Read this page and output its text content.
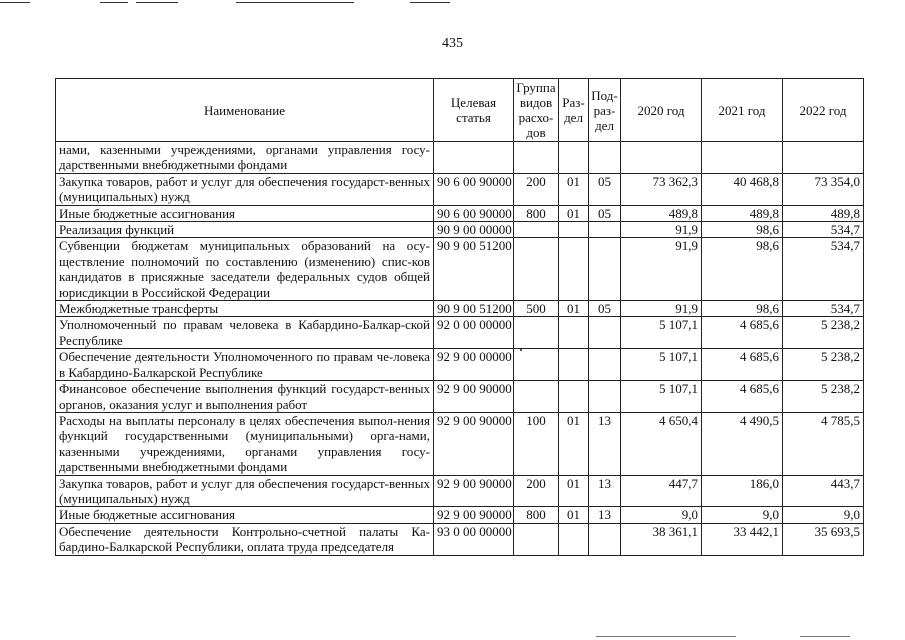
435
Наименование	Целевая статья	Группа видов расхо-дов	Раз-дел	Под-раз-дел	2020 год	2021 год	2022 год
нами, казенными учреждениями, органами управления госу-дарственными внебюджетными фондами							
Закупка товаров, работ и услуг для обеспечения государст-венных (муниципальных) нужд	90 6 00 90000	200	01	05	73 362,3	40 468,8	73 354,0
Иные бюджетные ассигнования	90 6 00 90000	800	01	05	489,8	489,8	489,8
Реализация функций	90 9 00 00000				91,9	98,6	534,7
Субвенции бюджетам муниципальных образований на осу-ществление полномочий по составлению (изменению) спис-ков кандидатов в присяжные заседатели федеральных судов общей юрисдикции в Российской Федерации	90 9 00 51200				91,9	98,6	534,7
Межбюджетные трансферты	90 9 00 51200	500	01	05	91,9	98,6	534,7
Уполномоченный по правам человека в Кабардино-Балкар-ской Республике	92 0 00 00000				5 107,1	4 685,6	5 238,2
Обеспечение деятельности Уполномоченного по правам че-ловека в Кабардино-Балкарской Республике	92 9 00 00000				5 107,1	4 685,6	5 238,2
Финансовое обеспечение выполнения функций государст-венных органов, оказания услуг и выполнения работ	92 9 00 90000				5 107,1	4 685,6	5 238,2
Расходы на выплаты персоналу в целях обеспечения выпол-нения функций государственными (муниципальными) орга-нами, казенными учреждениями, органами управления госу-дарственными внебюджетными фондами	92 9 00 90000	100	01	13	4 650,4	4 490,5	4 785,5
Закупка товаров, работ и услуг для обеспечения государст-венных (муниципальных) нужд	92 9 00 90000	200	01	13	447,7	186,0	443,7
Иные бюджетные ассигнования	92 9 00 90000	800	01	13	9,0	9,0	9,0
Обеспечение деятельности Контрольно-счетной палаты Ка-бардино-Балкарской Республики, оплата труда председателя	93 0 00 00000				38 361,1	33 442,1	35 693,5
